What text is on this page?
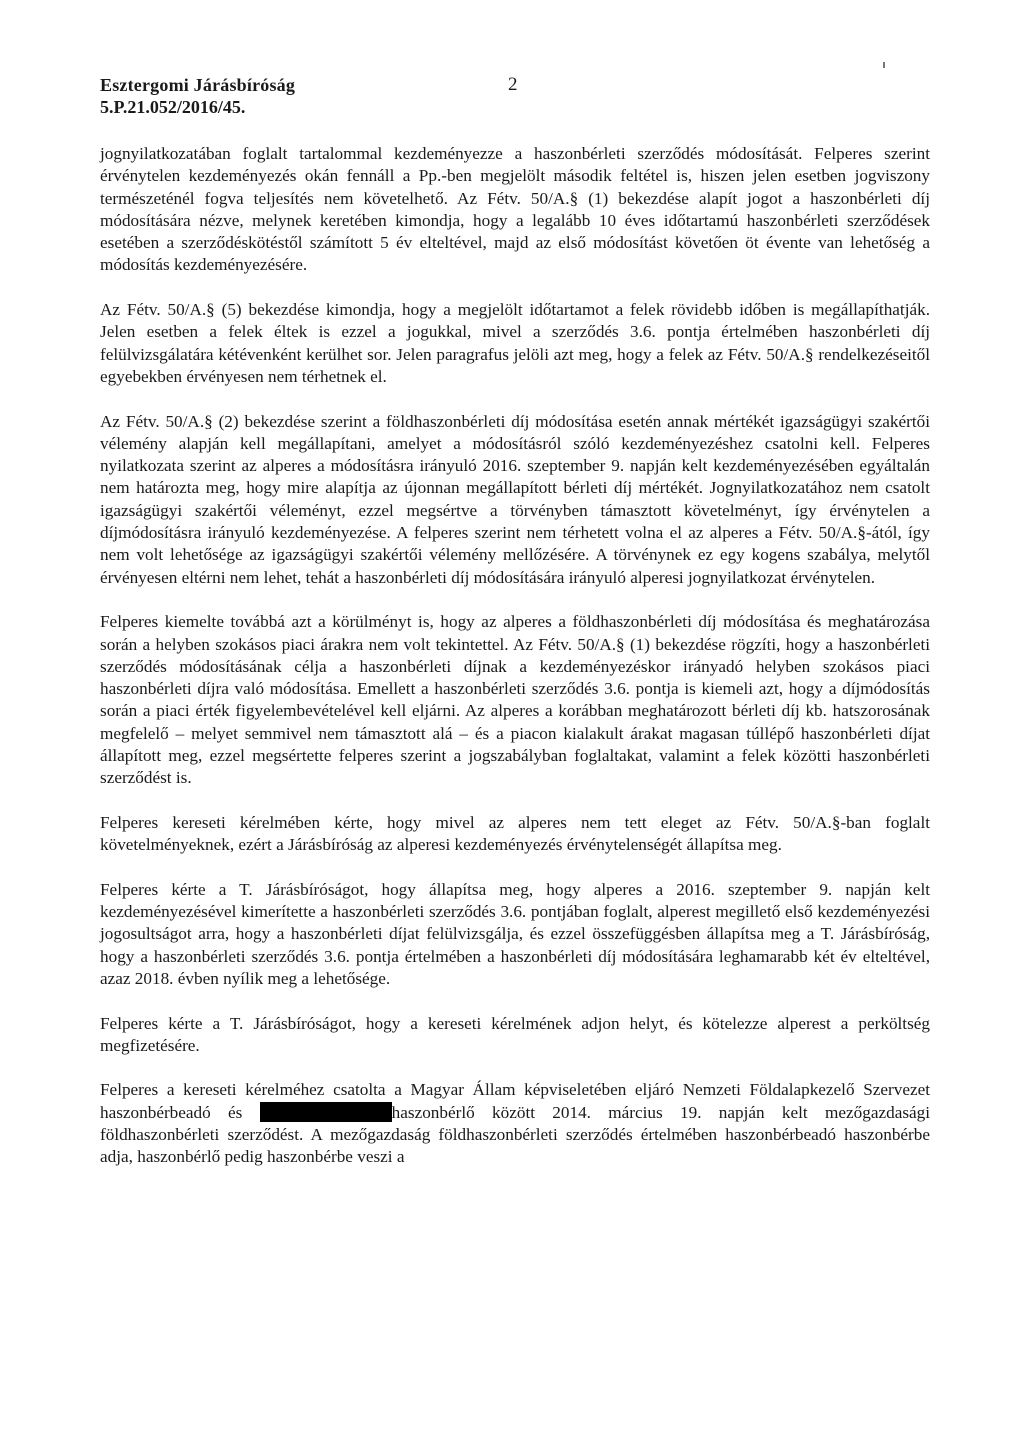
Esztergomi Járásbíróság
5.P.21.052/2016/45.
2

jognyilatkozatában foglalt tartalommal kezdeményezze a haszonbérleti szerződés módosítását. Felperes szerint érvénytelen kezdeményezés okán fennáll a Pp.-ben megjelölt második feltétel is, hiszen jelen esetben jogviszony természeténél fogva teljesítés nem követelhető. Az Fétv. 50/A.§ (1) bekezdése alapít jogot a haszonbérleti díj módosítására nézve, melynek keretében kimondja, hogy a legalább 10 éves időtartamú haszonbérleti szerződések esetében a szerződéskötéstől számított 5 év elteltével, majd az első módosítást követően öt évente van lehetőség a módosítás kezdeményezésére.

Az Fétv. 50/A.§ (5) bekezdése kimondja, hogy a megjelölt időtartamot a felek rövidebb időben is megállapíthatják. Jelen esetben a felek éltek is ezzel a jogukkal, mivel a szerződés 3.6. pontja értelmében haszonbérleti díj felülvizsgálatára kétévenként kerülhet sor. Jelen paragrafus jelöli azt meg, hogy a felek az Fétv. 50/A.§ rendelkezéseitől egyebekben érvényesen nem térhetnek el.

Az Fétv. 50/A.§ (2) bekezdése szerint a földhaszonbérleti díj módosítása esetén annak mértékét igazságügyi szakértői vélemény alapján kell megállapítani, amelyet a módosításról szóló kezdeményezéshez csatolni kell. Felperes nyilatkozata szerint az alperes a módosításra irányuló 2016. szeptember 9. napján kelt kezdeményezésében egyáltalán nem határozta meg, hogy mire alapítja az újonnan megállapított bérleti díj mértékét. Jognyilatkozatához nem csatolt igazságügyi szakértői véleményt, ezzel megsértve a törvényben támasztott követelményt, így érvénytelen a díjmódosításra irányuló kezdeményezése. A felperes szerint nem térhetett volna el az alperes a Fétv. 50/A.§-ától, így nem volt lehetősége az igazságügyi szakértői vélemény mellőzésére. A törvénynek ez egy kogens szabálya, melytől érvényesen eltérni nem lehet, tehát a haszonbérleti díj módosítására irányuló alperesi jognyilatkozat érvénytelen.

Felperes kiemelte továbbá azt a körülményt is, hogy az alperes a földhaszonbérleti díj módosítása és meghatározása során a helyben szokásos piaci árakra nem volt tekintettel. Az Fétv. 50/A.§ (1) bekezdése rögzíti, hogy a haszonbérleti szerződés módosításának célja a haszonbérleti díjnak a kezdeményezéskor irányadó helyben szokásos piaci haszonbérleti díjra való módosítása. Emellett a haszonbérleti szerződés 3.6. pontja is kiemeli azt, hogy a díjmódosítás során a piaci érték figyelembevételével kell eljárni. Az alperes a korábban meghatározott bérleti díj kb. hatszorosának megfelelő – melyet semmivel nem támasztott alá – és a piacon kialakult árakat magasan túllépő haszonbérleti díjat állapított meg, ezzel megsértette felperes szerint a jogszabályban foglaltakat, valamint a felek közötti haszonbérleti szerződést is.

Felperes kereseti kérelmében kérte, hogy mivel az alperes nem tett eleget az Fétv. 50/A.§-ban foglalt követelményeknek, ezért a Járásbíróság az alperesi kezdeményezés érvénytelenségét állapítsa meg.

Felperes kérte a T. Járásbíróságot, hogy állapítsa meg, hogy alperes a 2016. szeptember 9. napján kelt kezdeményezésével kimerítette a haszonbérleti szerződés 3.6. pontjában foglalt, alperest megillető első kezdeményezési jogosultságot arra, hogy a haszonbérleti díjat felülvizsgálja, és ezzel összefüggésben állapítsa meg a T. Járásbíróság, hogy a haszonbérleti szerződés 3.6. pontja értelmében a haszonbérleti díj módosítására leghamarabb két év elteltével, azaz 2018. évben nyílik meg a lehetősége.

Felperes kérte a T. Járásbíróságot, hogy a kereseti kérelmének adjon helyt, és kötelezze alperest a perköltség megfizetésére.

Felperes a kereseti kérelméhez csatolta a Magyar Állam képviseletében eljáró Nemzeti Földalapkezelő Szervezet haszonbérbeadó és	haszonbérlő között 2014. március 19. napján kelt mezőgazdasági földhaszonbérleti szerződést. A mezőgazdaság földhaszonbérleti szerződés értelmében haszonbérbeadó haszonbérbe adja, haszonbérlő pedig haszonbérbe veszi a
